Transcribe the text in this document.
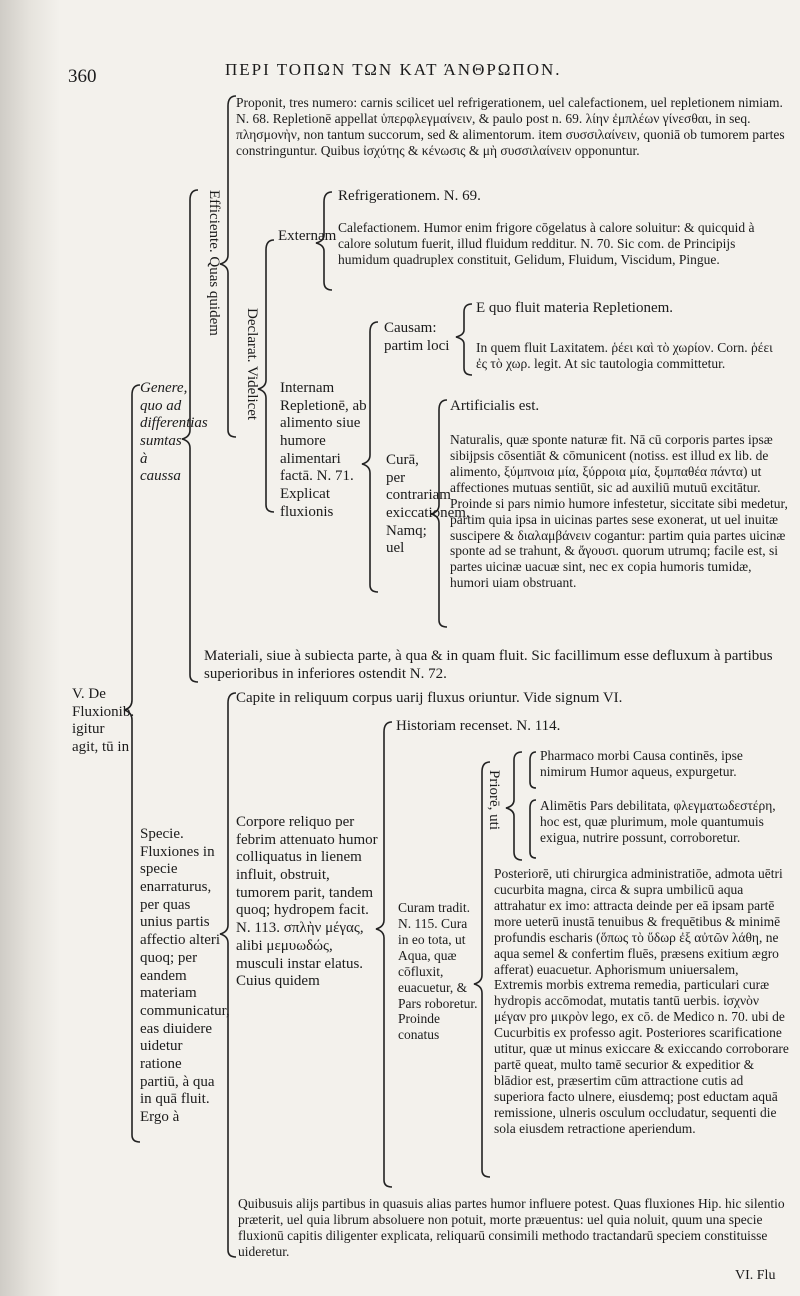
360	ΠΕΡΙ ΤΟΠΩΝ ΤΩΝ ΚΑΤ ΆΝΘΡΩΠΟΝ.

V. De Fluxionib. igitur agit, tū in

Genere, quo ad differentias sumtas à caussa

Efficiente. Quas quidem
Declarat. Videlicet

Proponit, tres numero: carnis scilicet uel refrigerationem, uel calefactionem, uel repletionem nimiam. N. 68. Repletionē appellat ὑπερφλεγμαίνειν, & paulo post n. 69. λίην ἐμπλέων γίνεσθαι, in seq. πλησμονὴν, non tantum succorum, sed & alimentorum. item συσσιλαίνειν, quoniā ob tumorem partes constringuntur. Quibus ἰσχύτης & κένωσις & μὴ συσσιλαίνειν opponuntur.

Externam

Refrigerationem. N. 69.

Calefactionem. Humor enim frigore cōgelatus à calore soluitur: & quicquid à calore solutum fuerit, illud fluidum redditur. N. 70. Sic com. de Principijs humidum quadruplex constituit, Gelidum, Fluidum, Viscidum, Pingue.

Internam Repletionē, ab alimento siue humore alimentari factā. N. 71. Explicat fluxionis

Causam: partim loci

E quo fluit materia Repletionem.

In quem fluit Laxitatem. ῥέει καὶ τὸ χωρίον. Corn. ῥέει ἐς τὸ χωρ. legit. At sic tautologia committetur.

Curā, per contrariam exiccationem. Namq; uel

Artificialis est.

Naturalis, quæ sponte naturæ fit. Nā cū corporis partes ipsæ sibijpsis cōsentiāt & cōmunicent (notiss. est illud ex lib. de alimento, ξύμπνοια μία, ξύρροια μία, ξυμπαθέα πάντα) ut affectiones mutuas sentiūt, sic ad auxiliū mutuū excitātur. Proinde si pars nimio humore infestetur, siccitate sibi medetur, partim quia ipsa in uicinas partes sese exonerat, ut uel inuitæ suscipere & διαλαμβάνειν cogantur: partim quia partes uicinæ sponte ad se trahunt, & ἄγουσι. quorum utrumq; facile est, si partes uicinæ uacuæ sint, nec ex copia humoris tumidæ, humori uiam obstruant.

Materiali, siue à subiecta parte, à qua & in quam fluit. Sic facillimum esse defluxum à partibus superioribus in inferiores ostendit N. 72.

Capite in reliquum corpus uarij fluxus oriuntur. Vide signum VI.

Specie. Fluxiones in specie enarraturus, per quas unius partis affectio alteri quoq; per eandem materiam communicatur, eas diuidere uidetur ratione partiū, à qua in quā fluit. Ergo à

Corpore reliquo per febrim attenuato humor colliquatus in lienem influit, obstruit, tumorem parit, tandem quoq; hydropem facit. N. 113. σπλὴν μέγας, alibi μεμυωδώς, musculi instar elatus. Cuius quidem

Historiam recenset. N. 114.

Curam tradit. N. 115. Cura in eo tota, ut Aqua, quæ cōfluxit, euacuetur, & Pars roboretur. Proinde conatus

Priorē, uti

Pharmaco morbi Causa continēs, ipse nimirum Humor aqueus, expurgetur.

Alimētis Pars debilitata, φλεγματωδεστέρη, hoc est, quæ plurimum, mole quantumuis exigua, nutrire possunt, corroboretur.

Posteriorē, uti chirurgica administratiōe, admota uētri cucurbita magna, circa & supra umbilicū aqua attrahatur ex imo: attracta deinde per eā ipsam partē more ueterū inustā tenuibus & frequētibus & minimē profundis escharis (ὅπως τὸ ὕδωρ ἐξ αὐτῶν λάθη, ne aqua semel & confertim fluēs, præsens exitium ægro afferat) euacuetur. Aphorismum uniuersalem, Extremis morbis extrema remedia, particulari curæ hydropis accōmodat, mutatis tantū uerbis. ἰσχνὸν μέγαν pro μικρὸν lego, ex cō. de Medico n. 70. ubi de Cucurbitis ex professo agit. Posteriores scarificatione utitur, quæ ut minus exiccare & exiccando corroborare partē queat, multo tamē securior & expeditior & blādior est, præsertim cūm attractione cutis ad superiora facto ulnere, eiusdemq; post eductam aquā remissione, ulneris osculum occludatur, sequenti die sola eiusdem retractione aperiendum.

Quibusuis alijs partibus in quasuis alias partes humor influere potest. Quas fluxiones Hip. hic silentio præterit, uel quia librum absoluere non potuit, morte præuentus: uel quia noluit, quum una specie fluxionū capitis diligenter explicata, reliquarū consimili methodo tractandarū speciem constituisse uideretur.

VI. Flu
